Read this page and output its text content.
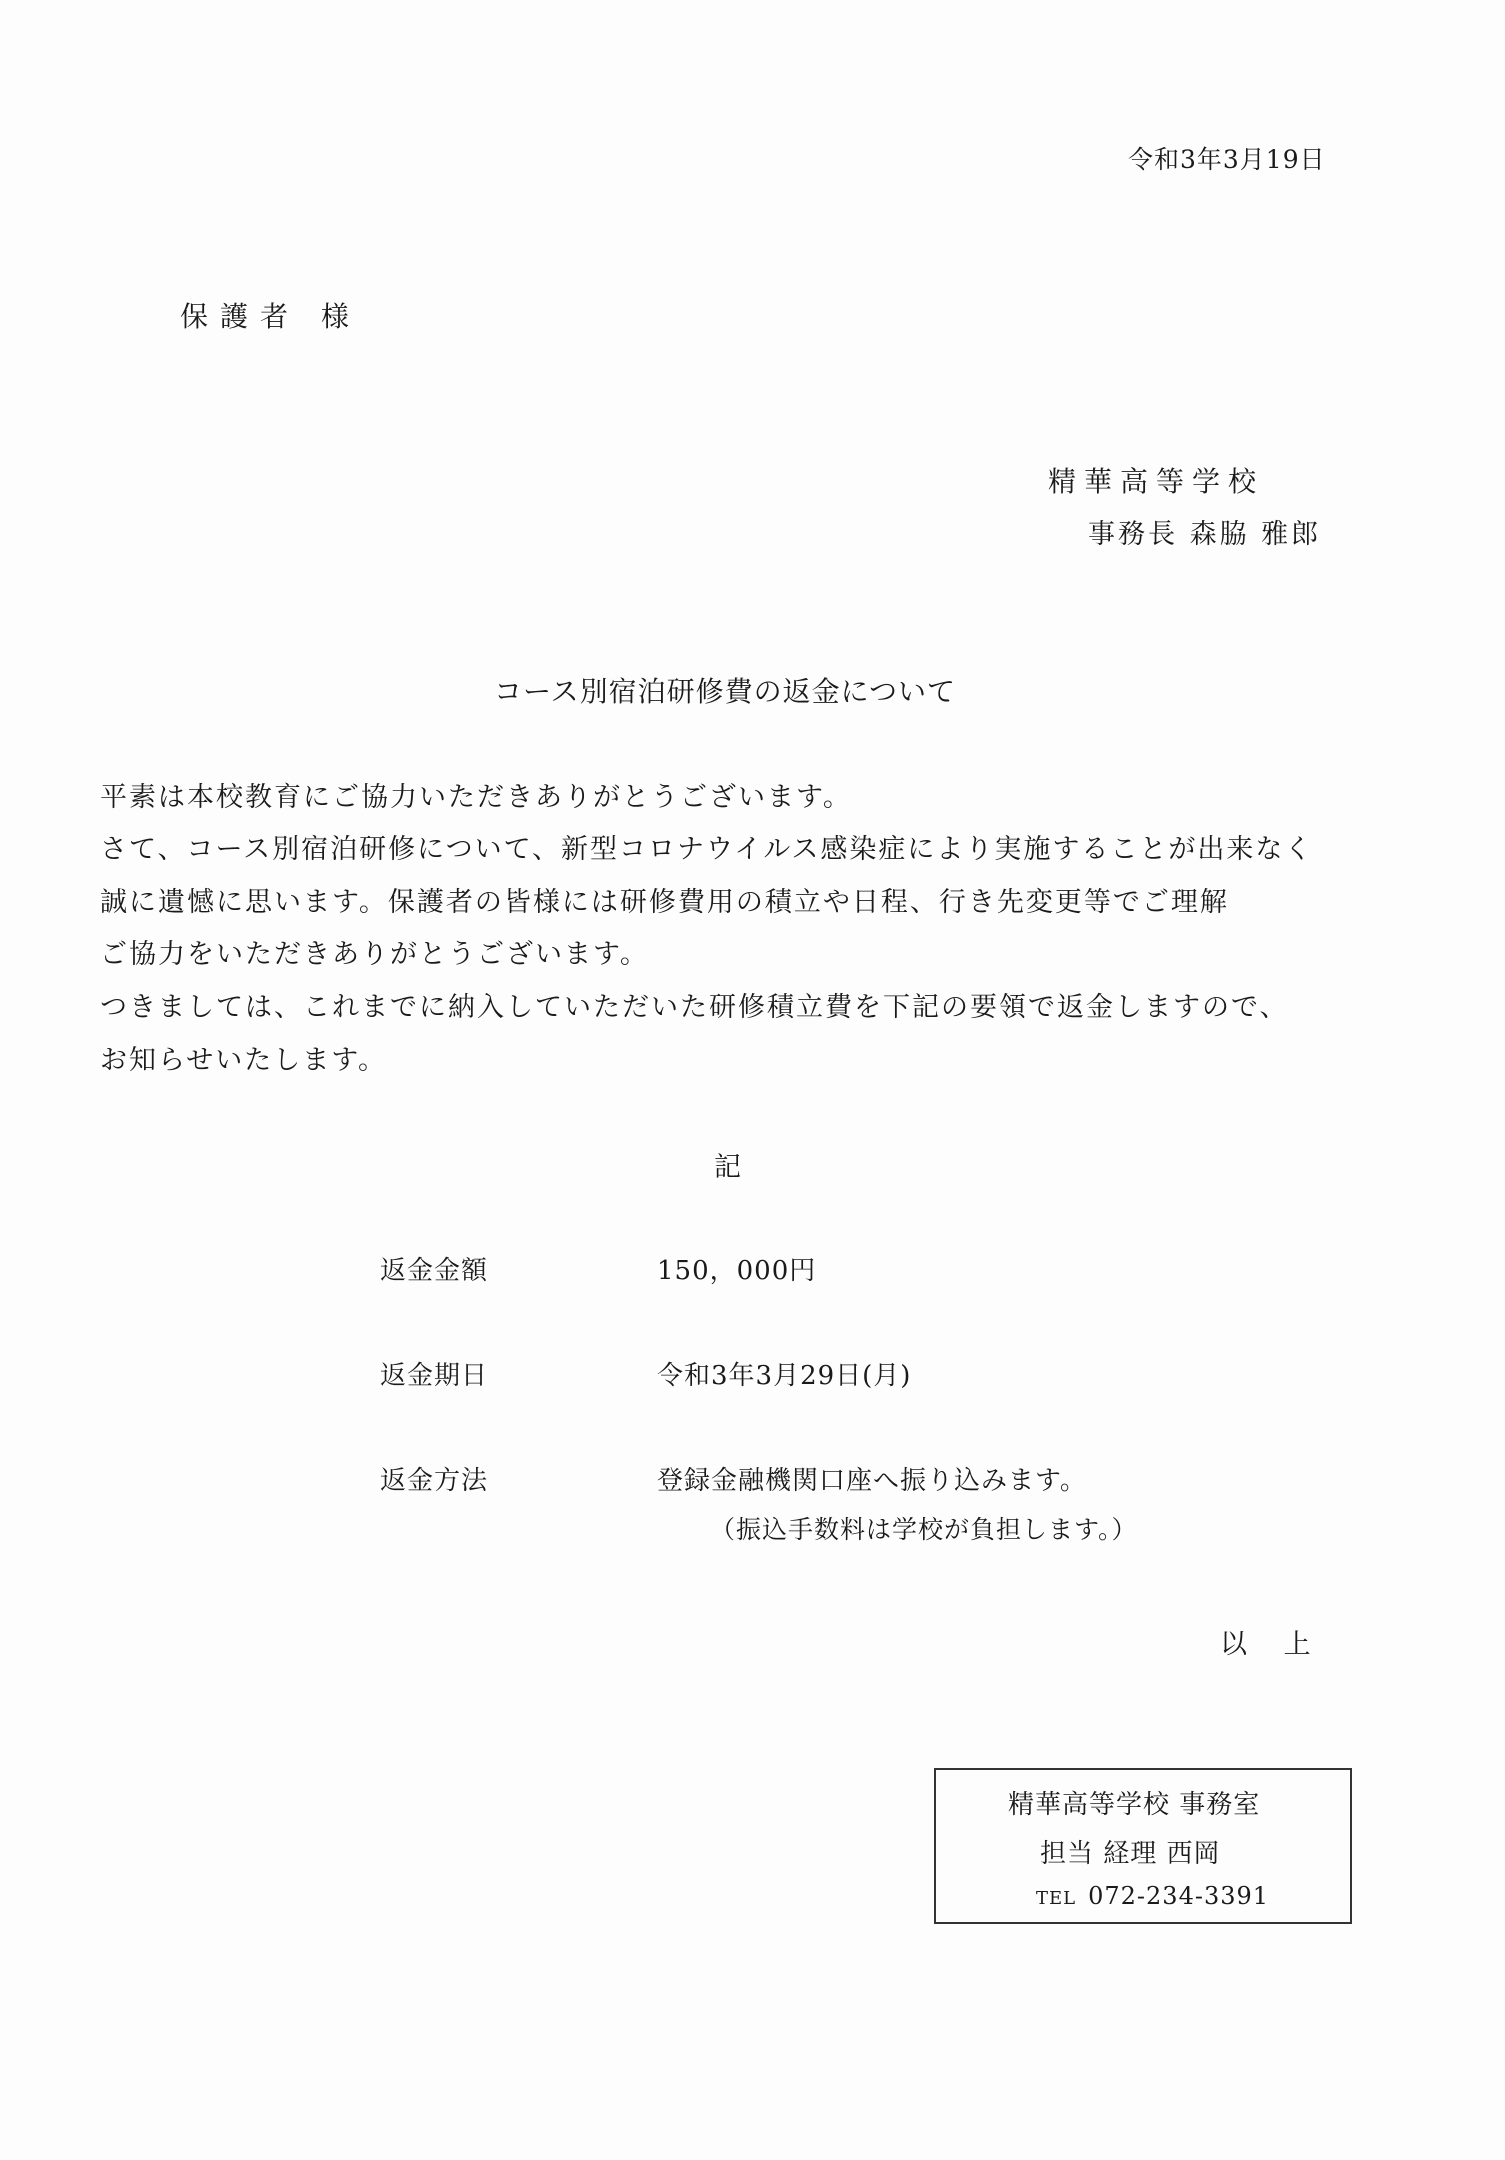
令和3年3月19日
保護者 様
精華高等学校
事務長 森脇 雅郎
コース別宿泊研修費の返金について
平素は本校教育にご協力いただきありがとうございます。
さて、コース別宿泊研修について、新型コロナウイルス感染症により実施することが出来なく
誠に遺憾に思います。保護者の皆様には研修費用の積立や日程、行き先変更等でご理解
ご協力をいただきありがとうございます。
つきましては、これまでに納入していただいた研修積立費を下記の要領で返金しますので、
お知らせいたします。
記
返金金額	150，000円
返金期日	令和3年3月29日(月)
返金方法	登録金融機関口座へ振り込みます。
（振込手数料は学校が負担します。）
以 上
精華高等学校 事務室
担当 経理 西岡
TEL 072-234-3391
